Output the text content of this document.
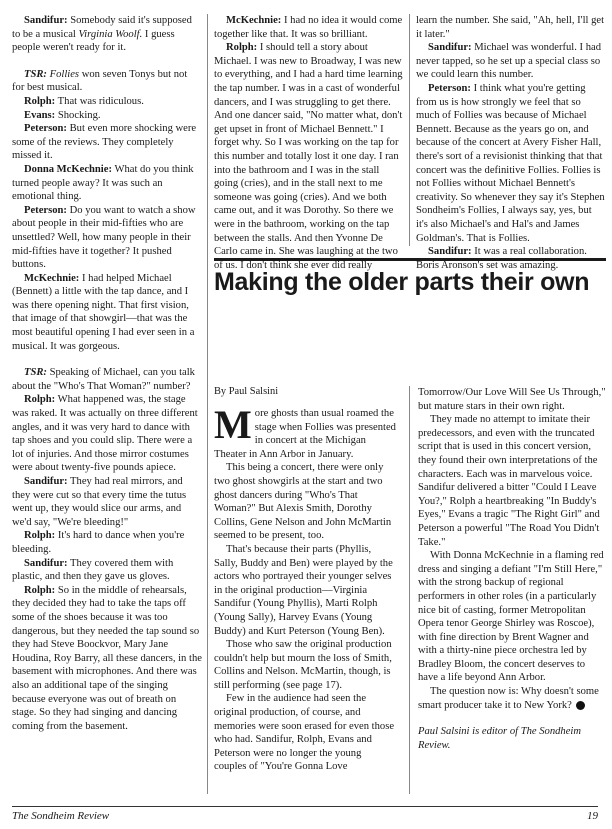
Sandifur: Somebody said it's supposed to be a musical Virginia Woolf. I guess people weren't ready for it.

TSR: Follies won seven Tonys but not for best musical.

Rolph: That was ridiculous.

Evans: Shocking.

Peterson: But even more shocking were some of the reviews. They completely missed it.

Donna McKechnie: What do you think turned people away? It was such an emotional thing.

Peterson: Do you want to watch a show about people in their mid-fifties who are unsettled? Well, how many people in their mid-fifties have it together? It pushed buttons.

McKechnie: I had helped Michael (Bennett) a little with the tap dance, and I was there opening night. That first vision, that image of that showgirl—that was the most beautiful opening I had ever seen in a musical. It was gorgeous.

TSR: Speaking of Michael, can you talk about the "Who's That Woman?" number?

Rolph: What happened was, the stage was raked. It was actually on three different angles, and it was very hard to dance with tap shoes and you could slip. There were a lot of injuries. And those mirror costumes were about twenty-five pounds apiece.

Sandifur: They had real mirrors, and they were cut so that every time the tutus went up, they would slice our arms, and we'd say, "We're bleeding!"

Rolph: It's hard to dance when you're bleeding.

Sandifur: They covered them with plastic, and then they gave us gloves.

Rolph: So in the middle of rehearsals, they decided they had to take the taps off some of the shoes because it was too dangerous, but they needed the tap sound so they had Steve Boockvor, Mary Jane Houdina, Roy Barry, all these dancers, in the basement with microphones. And there was also an additional tape of the singing because everyone was out of breath on stage. So they had singing and dancing coming from the basement.

McKechnie: I had no idea it would come together like that. It was so brilliant.

Rolph: I should tell a story about Michael. I was new to Broadway, I was new to everything, and I had a hard time learning the tap number. I was in a cast of wonderful dancers, and I was struggling to get there. And one dancer said, "No matter what, don't get upset in front of Michael Bennett." I forget why. So I was working on the tap for this number and totally lost it one day. I ran into the bathroom and I was in the stall going (cries), and in the stall next to me someone was going (cries). And we both came out, and it was Dorothy. So there we were in the bathroom, working on the tap between the stalls. And then Yvonne De Carlo came in. She was laughing at the two of us. I don't think she ever did really

learn the number. She said, "Ah, hell, I'll get it later."

Sandifur: Michael was wonderful. I had never tapped, so he set up a special class so we could learn this number.

Peterson: I think what you're getting from us is how strongly we feel that so much of Follies was because of Michael Bennett. Because as the years go on, and because of the concert at Avery Fisher Hall, there's sort of a revisionist thinking that that concert was the definitive Follies. Follies is not Follies without Michael Bennett's creativity. So whenever they say it's Stephen Sondheim's Follies, I always say, yes, but it's also Michael's and Hal's and James Goldman's. That is Follies.

Sandifur: It was a real collaboration. Boris Aronson's set was amazing.

Making the older parts their own

By Paul Salsini

More ghosts than usual roamed the stage when Follies was presented in concert at the Michigan Theater in Ann Arbor in January.

This being a concert, there were only two ghost showgirls at the start and two ghost dancers during "Who's That Woman?" But Alexis Smith, Dorothy Collins, Gene Nelson and John McMartin seemed to be present, too.

That's because their parts (Phyllis, Sally, Buddy and Ben) were played by the actors who portrayed their younger selves in the original production—Virginia Sandifur (Young Phyllis), Marti Rolph (Young Sally), Harvey Evans (Young Buddy) and Kurt Peterson (Young Ben).

Those who saw the original production couldn't help but mourn the loss of Smith, Collins and Nelson. McMartin, though, is still performing (see page 17).

Few in the audience had seen the original production, of course, and memories were soon erased for even those who had. Sandifur, Rolph, Evans and Peterson were no longer the young couples of "You're Gonna Love

Tomorrow/Our Love Will See Us Through," but mature stars in their own right.

They made no attempt to imitate their predecessors, and even with the truncated script that is used in this concert version, they found their own interpretations of the characters. Each was in marvelous voice. Sandifur delivered a bitter "Could I Leave You?," Rolph a heartbreaking "In Buddy's Eyes," Evans a tragic "The Right Girl" and Peterson a powerful "The Road You Didn't Take."

With Donna McKechnie in a flaming red dress and singing a defiant "I'm Still Here," with the strong backup of regional performers in other roles (in a particularly nice bit of casting, former Metropolitan Opera tenor George Shirley was Roscoe), with fine direction by Brent Wagner and with a thirty-nine piece orchestra led by Bradley Bloom, the concert deserves to have a life beyond Ann Arbor.

The question now is: Why doesn't some smart producer take it to New York?

Paul Salsini is editor of The Sondheim Review.

The Sondheim Review	19
